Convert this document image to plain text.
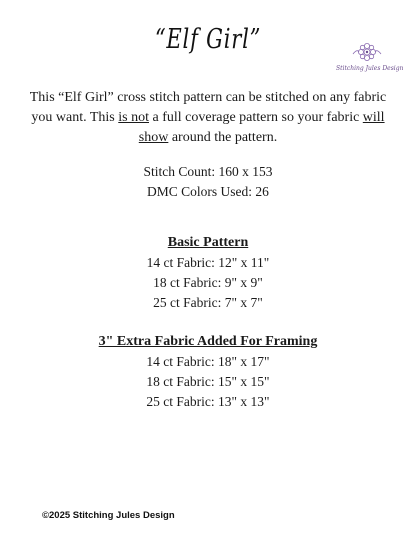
“Elf Girl”
Stitching Jules Design

This “Elf Girl” cross stitch pattern can be stitched on any fabric you want. This is not a full coverage pattern so your fabric will show around the pattern.

Stitch Count: 160 x 153
DMC Colors Used: 26
Basic Pattern
14 ct Fabric: 12" x 11"
18 ct Fabric: 9" x 9"
25 ct Fabric: 7" x 7"
3" Extra Fabric Added For Framing
14 ct Fabric: 18" x 17"
18 ct Fabric: 15" x 15"
25 ct Fabric: 13" x 13"
©2025 Stitching Jules Design
